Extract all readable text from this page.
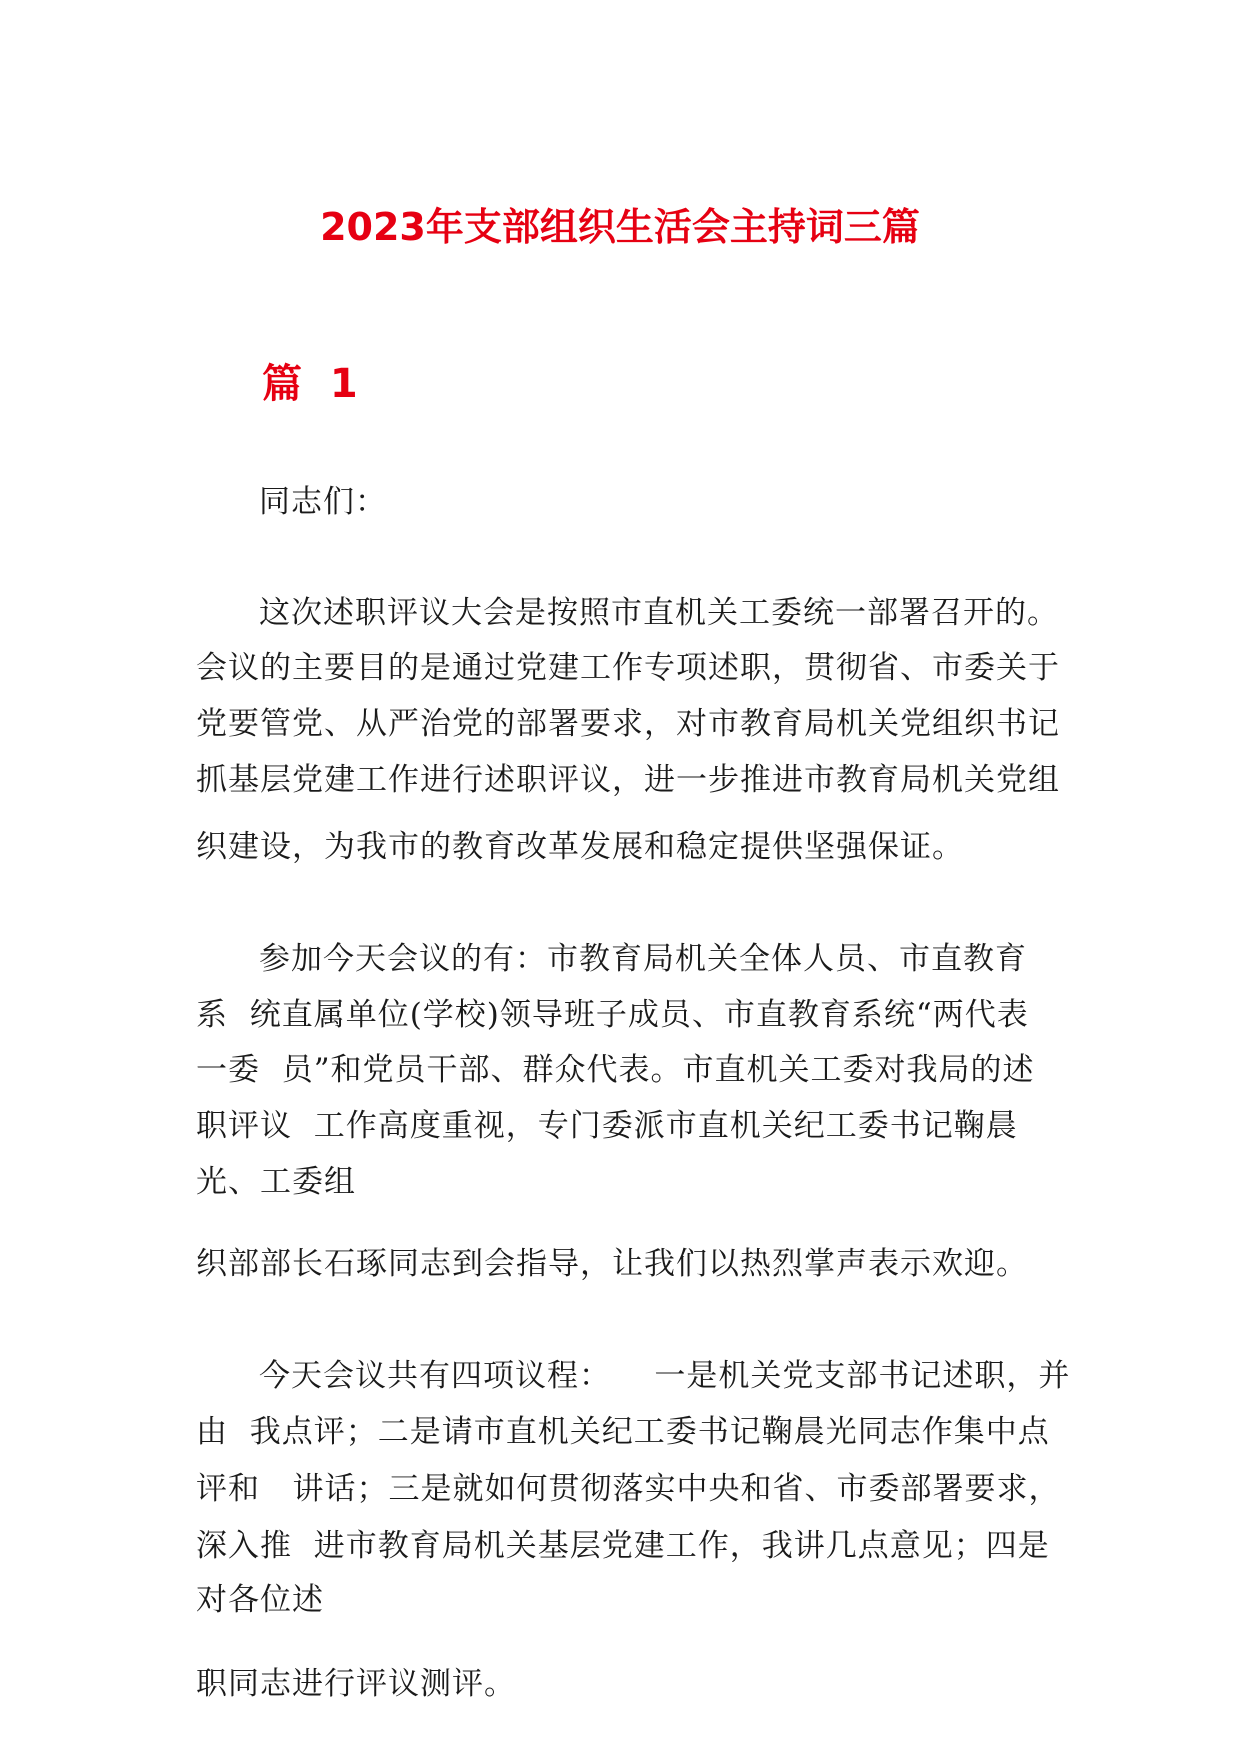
2023年支部组织生活会主持词三篇
篇  1
同志们：
这次述职评议大会是按照市直机关工委统一部署召开的。
会议的主要目的是通过党建工作专项述职，贯彻省、市委关于
党要管党、从严治党的部署要求，对市教育局机关党组织书记
抓基层党建工作进行述职评议，进一步推进市教育局机关党组
织建设，为我市的教育改革发展和稳定提供坚强保证。
参加今天会议的有：市教育局机关全体人员、市直教育
系  统直属单位(学校)领导班子成员、市直教育系统“两代表
一委  员”和党员干部、群众代表。市直机关工委对我局的述
职评议  工作高度重视，专门委派市直机关纪工委书记鞠晨
光、工委组
织部部长石琢同志到会指导，让我们以热烈掌声表示欢迎。
今天会议共有四项议程：    一是机关党支部书记述职，并
由  我点评；二是请市直机关纪工委书记鞠晨光同志作集中点
评和   讲话；三是就如何贯彻落实中央和省、市委部署要求，
深入推  进市教育局机关基层党建工作，我讲几点意见；四是
对各位述
职同志进行评议测评。
